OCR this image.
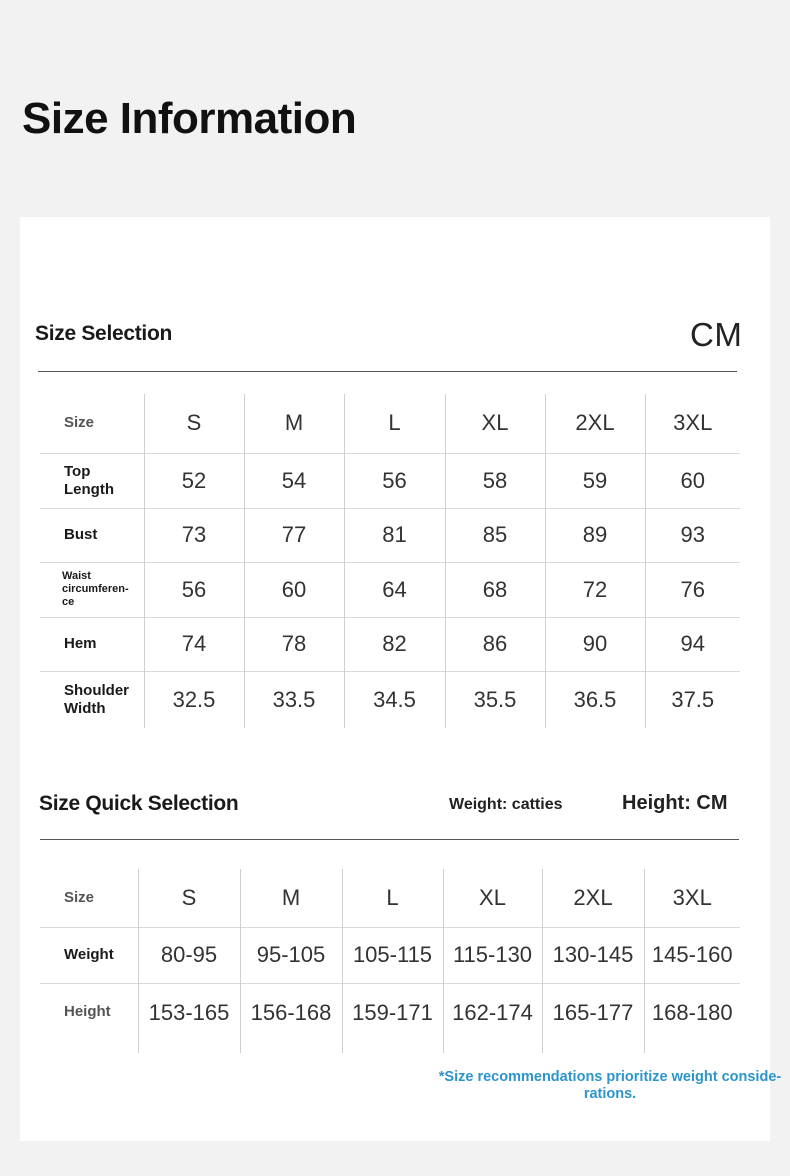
Size Information
Size Selection	CM
Size	S	M	L	XL	2XL	3XL
Top Length	52	54	56	58	59	60
Bust	73	77	81	85	89	93
Waist circumferen-ce	56	60	64	68	72	76
Hem	74	78	82	86	90	94
Shoulder Width	32.5	33.5	34.5	35.5	36.5	37.5
Size Quick Selection	Weight: catties	Height: CM
Size	S	M	L	XL	2XL	3XL
Weight	80-95	95-105	105-115	115-130	130-145	145-160
Height	153-165	156-168	159-171	162-174	165-177	168-180
*Size recommendations prioritize weight conside-rations.
